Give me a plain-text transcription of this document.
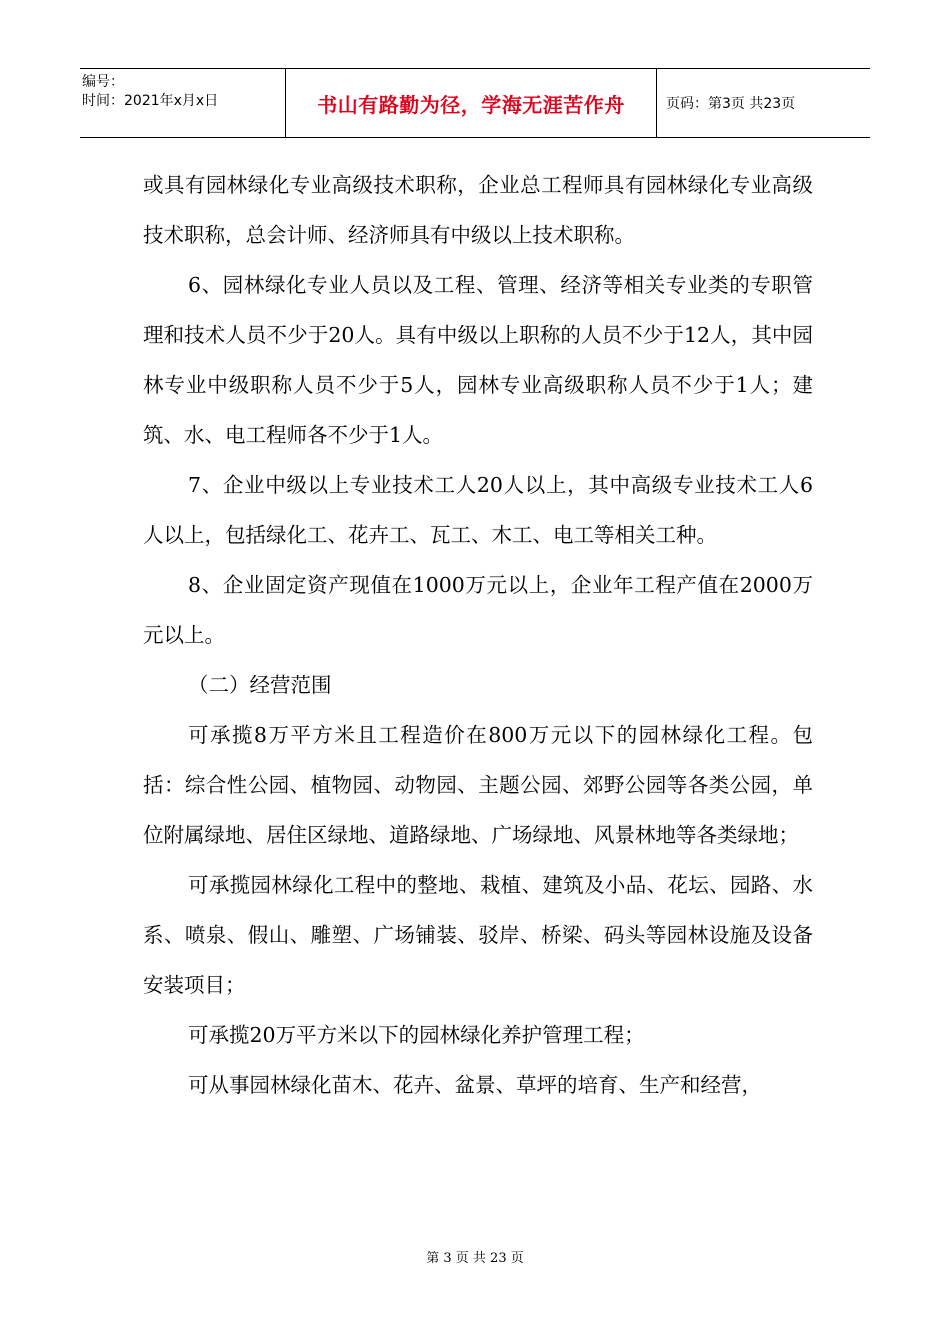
编号：
时间：2021年x月x日	书山有路勤为径，学海无涯苦作舟	页码：第3页 共23页

或具有园林绿化专业高级技术职称，企业总工程师具有园林绿化专业高级技术职称，总会计师、经济师具有中级以上技术职称。

6、园林绿化专业人员以及工程、管理、经济等相关专业类的专职管理和技术人员不少于20人。具有中级以上职称的人员不少于12人，其中园林专业中级职称人员不少于5人，园林专业高级职称人员不少于1人；建筑、水、电工程师各不少于1人。

7、企业中级以上专业技术工人20人以上，其中高级专业技术工人6人以上，包括绿化工、花卉工、瓦工、木工、电工等相关工种。

8、企业固定资产现值在1000万元以上，企业年工程产值在2000万元以上。

（二）经营范围

可承揽8万平方米且工程造价在800万元以下的园林绿化工程。包括：综合性公园、植物园、动物园、主题公园、郊野公园等各类公园，单位附属绿地、居住区绿地、道路绿地、广场绿地、风景林地等各类绿地；

可承揽园林绿化工程中的整地、栽植、建筑及小品、花坛、园路、水系、喷泉、假山、雕塑、广场铺装、驳岸、桥梁、码头等园林设施及设备安装项目；

可承揽20万平方米以下的园林绿化养护管理工程；

可从事园林绿化苗木、花卉、盆景、草坪的培育、生产和经营，

第 3 页 共 23 页
